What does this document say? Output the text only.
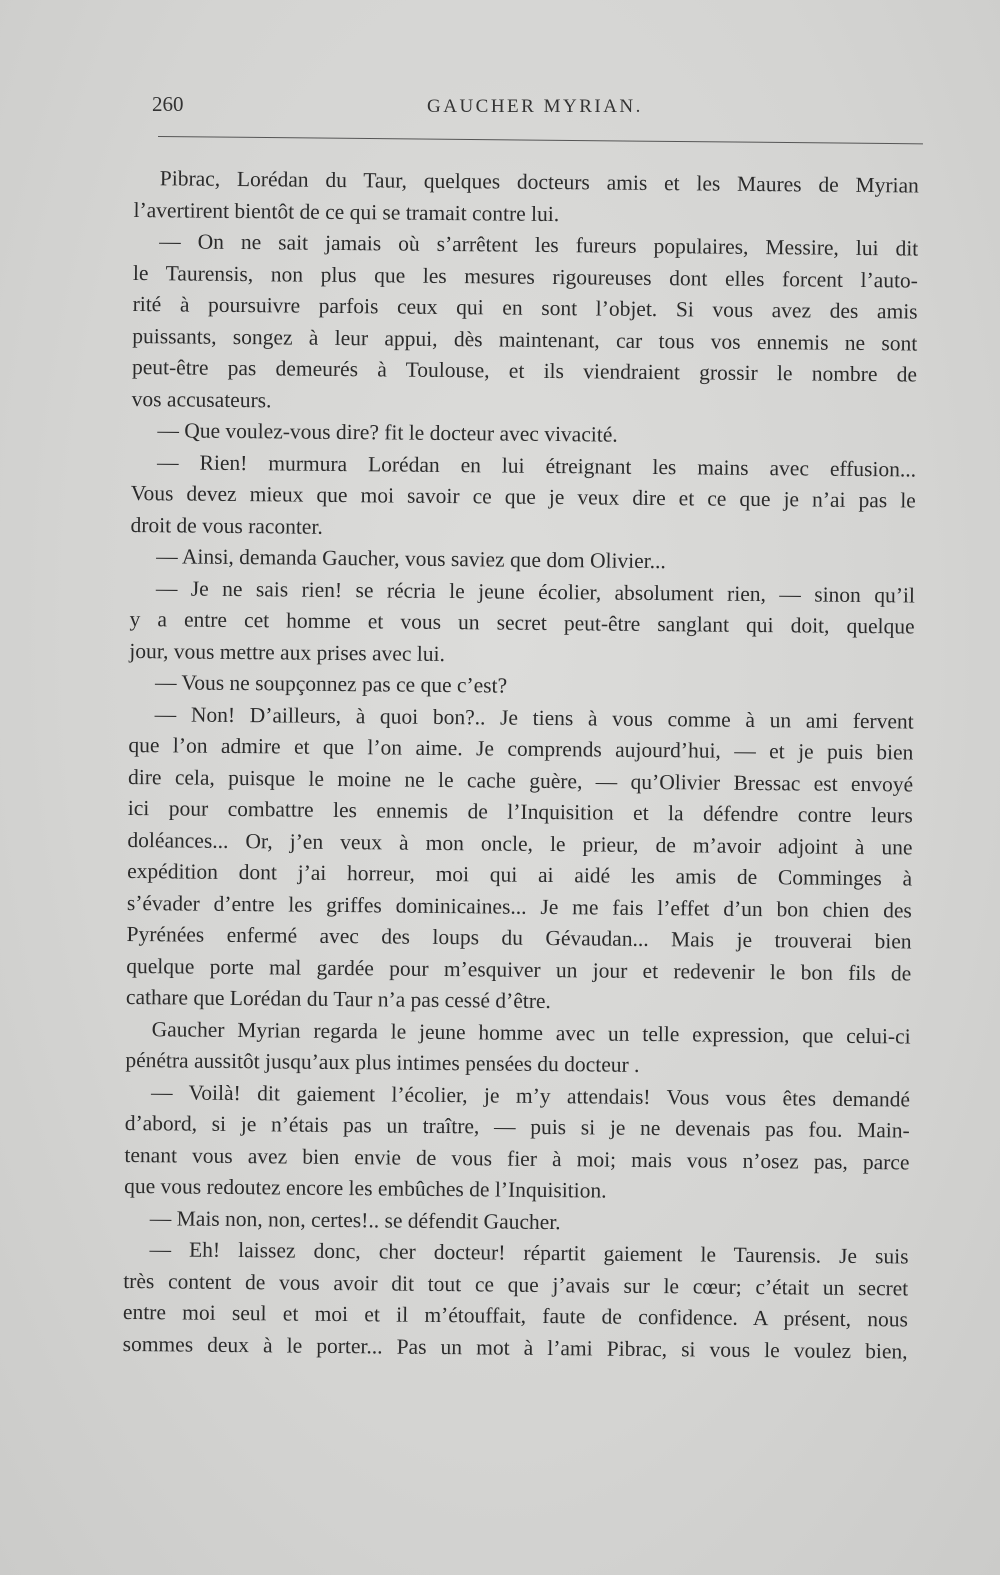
260	GAUCHER MYRIAN.
Pibrac, Lorédan du Taur, quelques docteurs amis et les Maures de Myrian
l’avertirent bientôt de ce qui se tramait contre lui.
— On ne sait jamais où s’arrêtent les fureurs populaires, Messire, lui dit
le Taurensis, non plus que les mesures rigoureuses dont elles forcent l’auto-
rité à poursuivre parfois ceux qui en sont l’objet. Si vous avez des amis
puissants, songez à leur appui, dès maintenant, car tous vos ennemis ne sont
peut-être pas demeurés à Toulouse, et ils viendraient grossir le nombre de
vos accusateurs.
— Que voulez-vous dire? fit le docteur avec vivacité.
— Rien! murmura Lorédan en lui étreignant les mains avec effusion...
Vous devez mieux que moi savoir ce que je veux dire et ce que je n’ai pas le
droit de vous raconter.
— Ainsi, demanda Gaucher, vous saviez que dom Olivier...
— Je ne sais rien! se récria le jeune écolier, absolument rien, — sinon qu’il
y a entre cet homme et vous un secret peut-être sanglant qui doit, quelque
jour, vous mettre aux prises avec lui.
— Vous ne soupçonnez pas ce que c’est?
— Non! D’ailleurs, à quoi bon?.. Je tiens à vous comme à un ami fervent
que l’on admire et que l’on aime. Je comprends aujourd’hui, — et je puis bien
dire cela, puisque le moine ne le cache guère, — qu’Olivier Bressac est envoyé
ici pour combattre les ennemis de l’Inquisition et la défendre contre leurs
doléances... Or, j’en veux à mon oncle, le prieur, de m’avoir adjoint à une
expédition dont j’ai horreur, moi qui ai aidé les amis de Comminges à
s’évader d’entre les griffes dominicaines... Je me fais l’effet d’un bon chien des
Pyrénées enfermé avec des loups du Gévaudan... Mais je trouverai bien
quelque porte mal gardée pour m’esquiver un jour et redevenir le bon fils de
cathare que Lorédan du Taur n’a pas cessé d’être.
Gaucher Myrian regarda le jeune homme avec un telle expression, que celui-ci
pénétra aussitôt jusqu’aux plus intimes pensées du docteur .
— Voilà! dit gaiement l’écolier, je m’y attendais! Vous vous êtes demandé
d’abord, si je n’étais pas un traître, — puis si je ne devenais pas fou. Main-
tenant vous avez bien envie de vous fier à moi; mais vous n’osez pas, parce
que vous redoutez encore les embûches de l’Inquisition.
— Mais non, non, certes!.. se défendit Gaucher.
— Eh! laissez donc, cher docteur! répartit gaiement le Taurensis. Je suis
très content de vous avoir dit tout ce que j’avais sur le cœur; c’était un secret
entre moi seul et moi et il m’étouffait, faute de confidence. A présent, nous
sommes deux à le porter... Pas un mot à l’ami Pibrac, si vous le voulez bien,
